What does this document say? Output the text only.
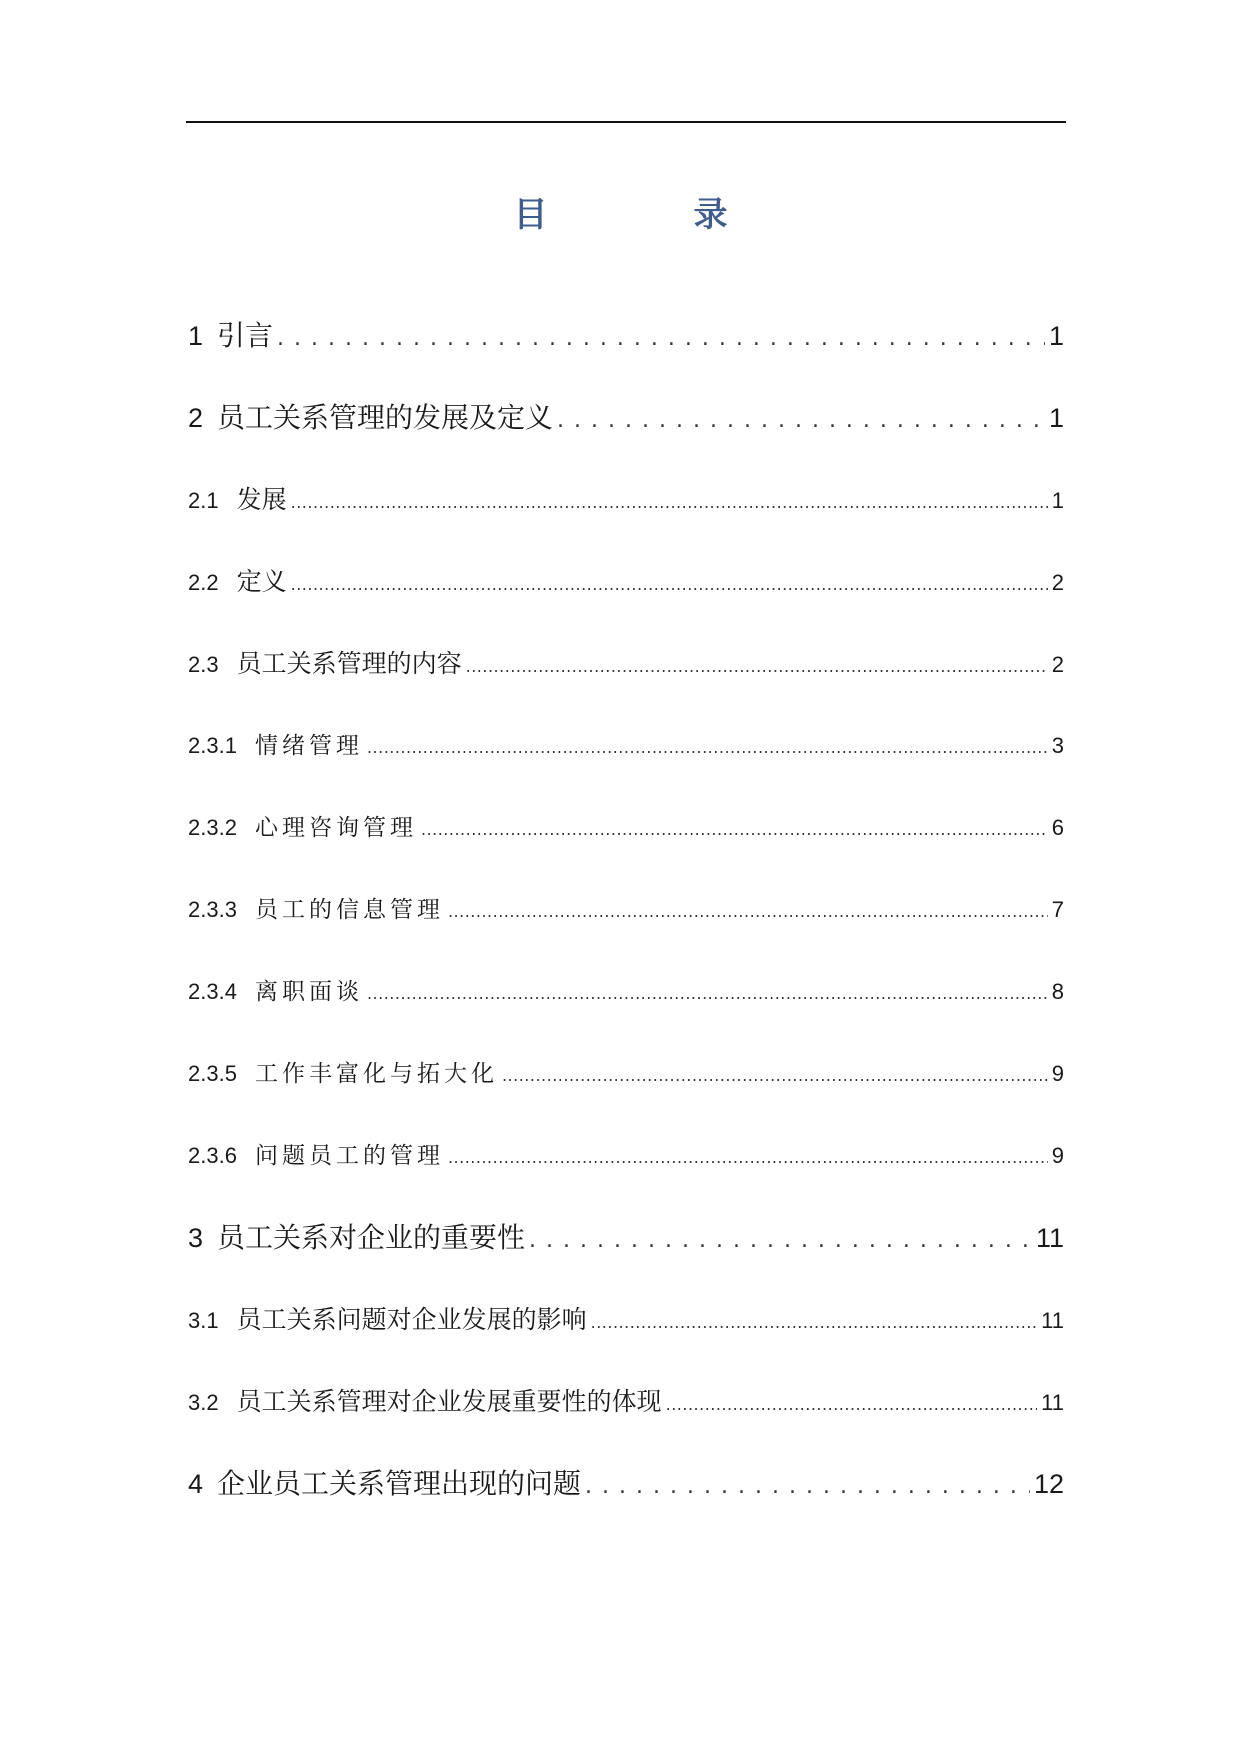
目　录
1 引言 .....	1
2 员工关系管理的发展及定义 .....	1
2.1 发展 .....	1
2.2 定义 .....	2
2.3 员工关系管理的内容 .....	2
2.3.1 情绪管理 .....	3
2.3.2 心理咨询管理 .....	6
2.3.3 员工的信息管理 .....	7
2.3.4 离职面谈 .....	8
2.3.5 工作丰富化与拓大化 .....	9
2.3.6 问题员工的管理 .....	9
3 员工关系对企业的重要性 .....	11
3.1 员工关系问题对企业发展的影响 .....	11
3.2 员工关系管理对企业发展重要性的体现 .....	11
4 企业员工关系管理出现的问题 .....	12
